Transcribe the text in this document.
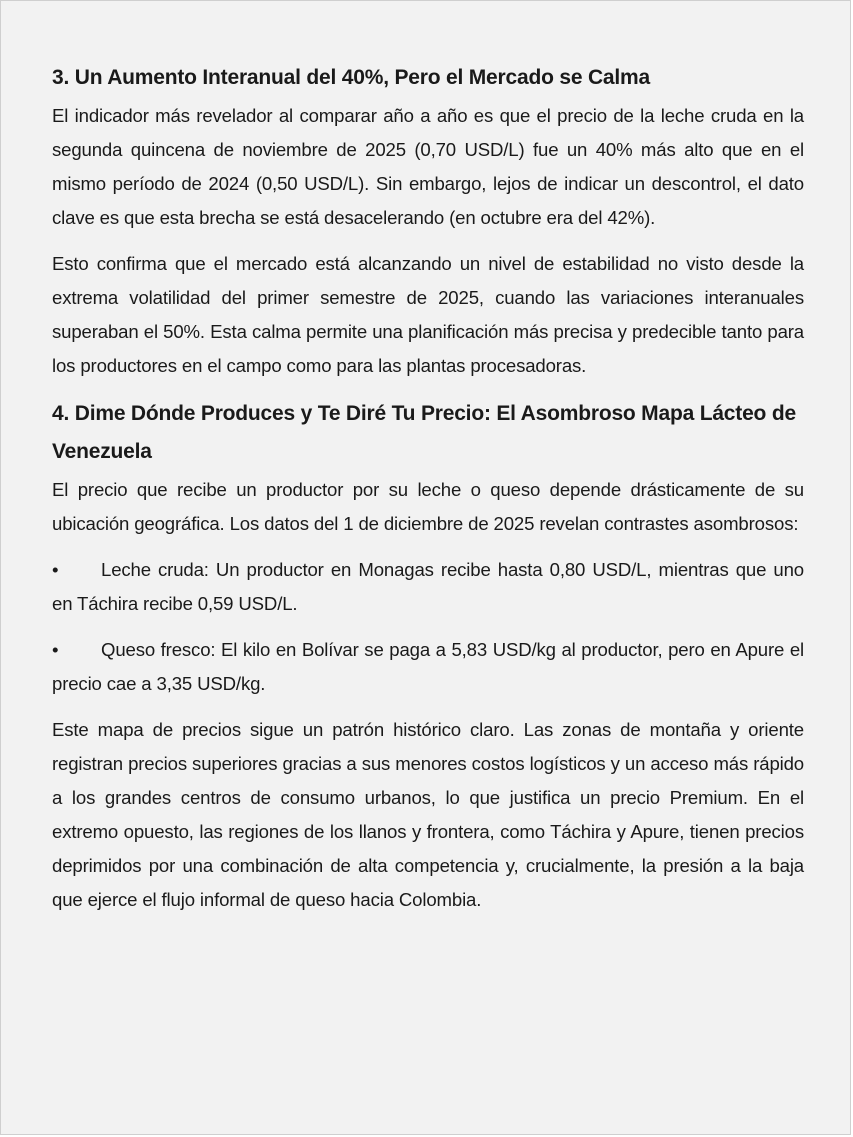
3. Un Aumento Interanual del 40%, Pero el Mercado se Calma

El indicador más revelador al comparar año a año es que el precio de la leche cruda en la segunda quincena de noviembre de 2025 (0,70 USD/L) fue un 40% más alto que en el mismo período de 2024 (0,50 USD/L). Sin embargo, lejos de indicar un descontrol, el dato clave es que esta brecha se está desacelerando (en octubre era del 42%).

Esto confirma que el mercado está alcanzando un nivel de estabilidad no visto desde la extrema volatilidad del primer semestre de 2025, cuando las variaciones interanuales superaban el 50%. Esta calma permite una planificación más precisa y predecible tanto para los productores en el campo como para las plantas procesadoras.

4. Dime Dónde Produces y Te Diré Tu Precio: El Asombroso Mapa Lácteo de Venezuela

El precio que recibe un productor por su leche o queso depende drásticamente de su ubicación geográfica. Los datos del 1 de diciembre de 2025 revelan contrastes asombrosos:

• Leche cruda: Un productor en Monagas recibe hasta 0,80 USD/L, mientras que uno en Táchira recibe 0,59 USD/L.
• Queso fresco: El kilo en Bolívar se paga a 5,83 USD/kg al productor, pero en Apure el precio cae a 3,35 USD/kg.

Este mapa de precios sigue un patrón histórico claro. Las zonas de montaña y oriente registran precios superiores gracias a sus menores costos logísticos y un acceso más rápido a los grandes centros de consumo urbanos, lo que justifica un precio Premium. En el extremo opuesto, las regiones de los llanos y frontera, como Táchira y Apure, tienen precios deprimidos por una combinación de alta competencia y, crucialmente, la presión a la baja que ejerce el flujo informal de queso hacia Colombia.
